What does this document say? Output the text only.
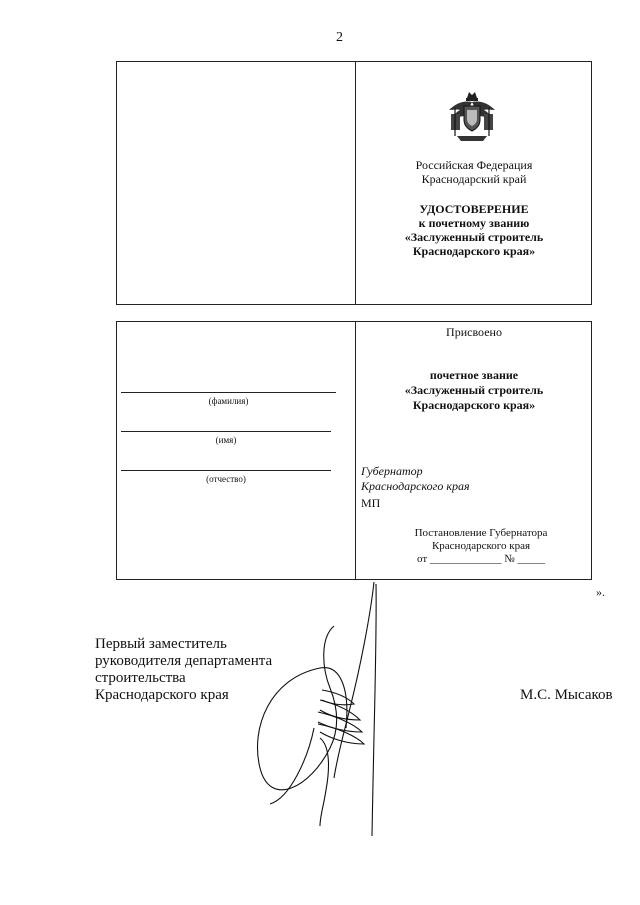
2
Российская Федерация
Краснодарский край
УДОСТОВЕРЕНИЕ
к почетному званию
«Заслуженный строитель
Краснодарского края»
(фамилия)
(имя)
(отчество)
Присвоено
почетное звание
«Заслуженный строитель
Краснодарского края»
Губернатор
Краснодарского края
МП
Постановление Губернатора
Краснодарского края
от _____________ № _____
».
Первый заместитель
руководителя департамента
строительства
Краснодарского края	М.С. Мысаков
